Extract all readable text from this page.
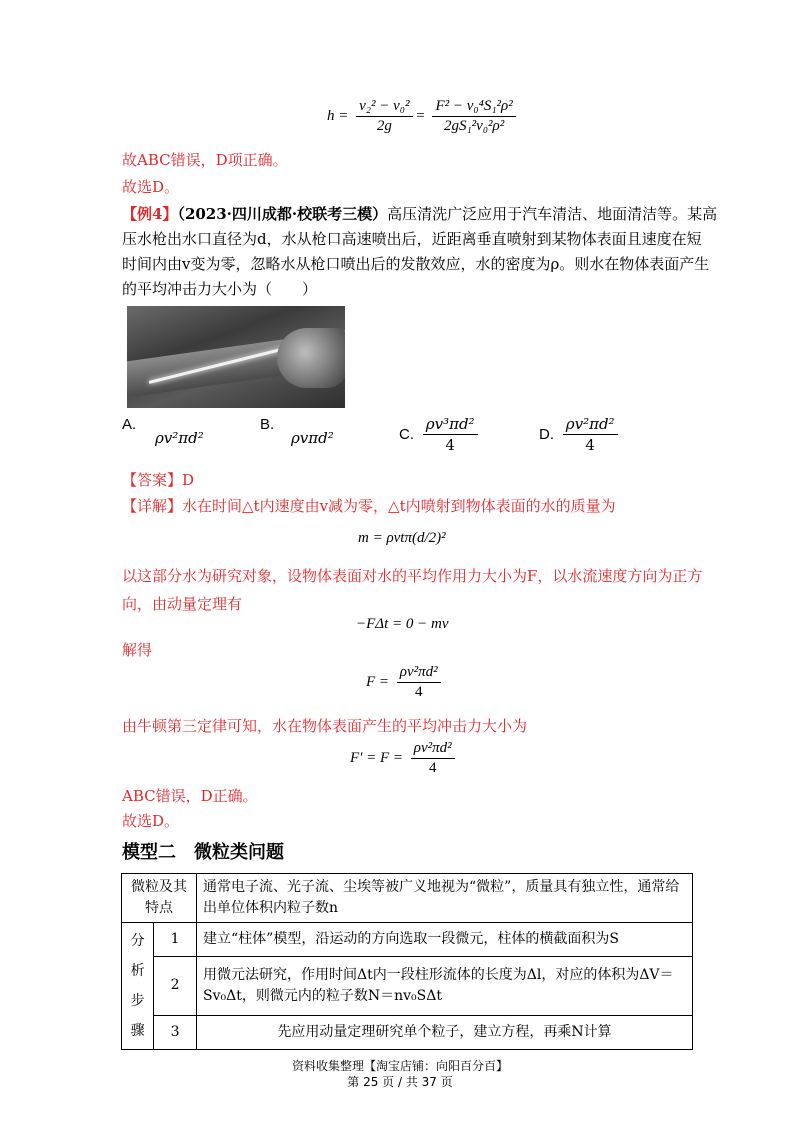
$h = \frac{\text{v₂² − v₀²}}{2g} = \frac{\text{F² − v₀⁴S₁²ρ²}}{\text{2gS₁²v₀²ρ²}}$
故ABC错误，D项正确。
故选D。
【例4】（2023·四川成都·校联考三模）高压清洗广泛应用于汽车清洁、地面清洁等。某高
压水枪出水口直径为d，水从枪口高速喷出后，近距离垂直喷射到某物体表面且速度在短
时间内由v变为零，忽略水从枪口喷出后的发散效应，水的密度为ρ。则水在物体表面产生
的平均冲击力大小为（　　）
A. ρv²πd²
B. ρvπd²	C. $\frac{\text{ρv³πd²}}{4}$	D. $\frac{\text{ρv²πd²}}{4}$
【答案】D
【详解】水在时间△t内速度由v减为零，△t内喷射到物体表面的水的质量为
m = ρvtπ(d/2)²
以这部分水为研究对象，设物体表面对水的平均作用力大小为F，以水流速度方向为正方
向，由动量定理有
−FΔt = 0 − mv
解得
$F = \frac{\text{ρv²πd²}}{4}$
由牛顿第三定律可知，水在物体表面产生的平均冲击力大小为
$F' = F = \frac{\text{ρv²πd²}}{4}$
ABC错误，D正确。
故选D。
模型二　微粒类问题
微粒及其特点		通常电子流、光子流、尘埃等被广义地视为“微粒”，质量具有独立性，通常给出单位体积内粒子数n
分析步骤	1	建立“柱体”模型，沿运动的方向选取一段微元，柱体的横截面积为S
	2	用微元法研究，作用时间Δt内一段柱形流体的长度为Δl，对应的体积为ΔV＝Sv₀Δt，则微元内的粒子数N＝nv₀SΔt
	3	先应用动量定理研究单个粒子，建立方程，再乘N计算
资料收集整理【淘宝店铺：向阳百分百】
第 25 页 / 共 37 页
